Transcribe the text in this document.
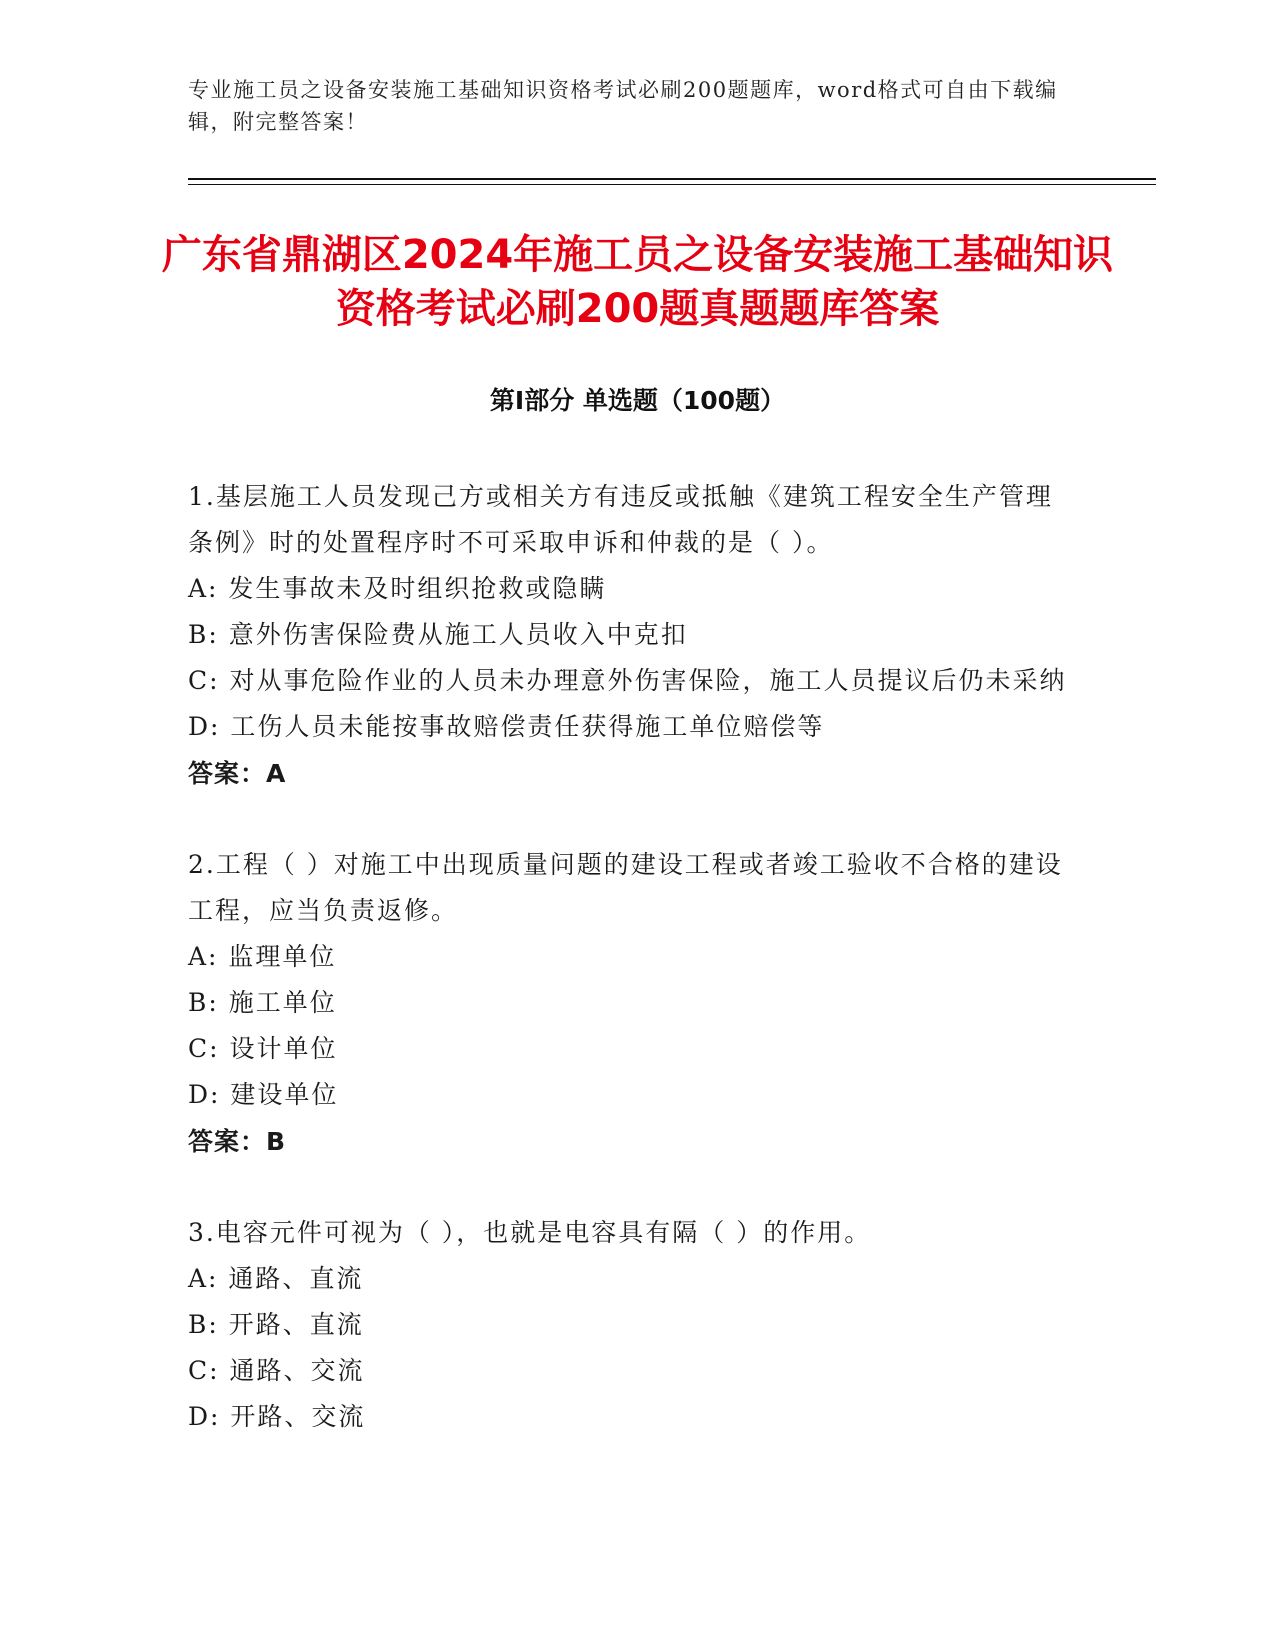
专业施工员之设备安装施工基础知识资格考试必刷200题题库，word格式可自由下载编辑，附完整答案！
广东省鼎湖区2024年施工员之设备安装施工基础知识资格考试必刷200题真题题库答案
第Ⅰ部分 单选题（100题）
1.基层施工人员发现己方或相关方有违反或抵触《建筑工程安全生产管理条例》时的处置程序时不可采取申诉和仲裁的是（ ）。
A: 发生事故未及时组织抢救或隐瞒
B: 意外伤害保险费从施工人员收入中克扣
C: 对从事危险作业的人员未办理意外伤害保险，施工人员提议后仍未采纳
D: 工伤人员未能按事故赔偿责任获得施工单位赔偿等
答案：A
2.工程（ ）对施工中出现质量问题的建设工程或者竣工验收不合格的建设工程，应当负责返修。
A: 监理单位
B: 施工单位
C: 设计单位
D: 建设单位
答案：B
3.电容元件可视为（ ），也就是电容具有隔（ ）的作用。
A: 通路、直流
B: 开路、直流
C: 通路、交流
D: 开路、交流
